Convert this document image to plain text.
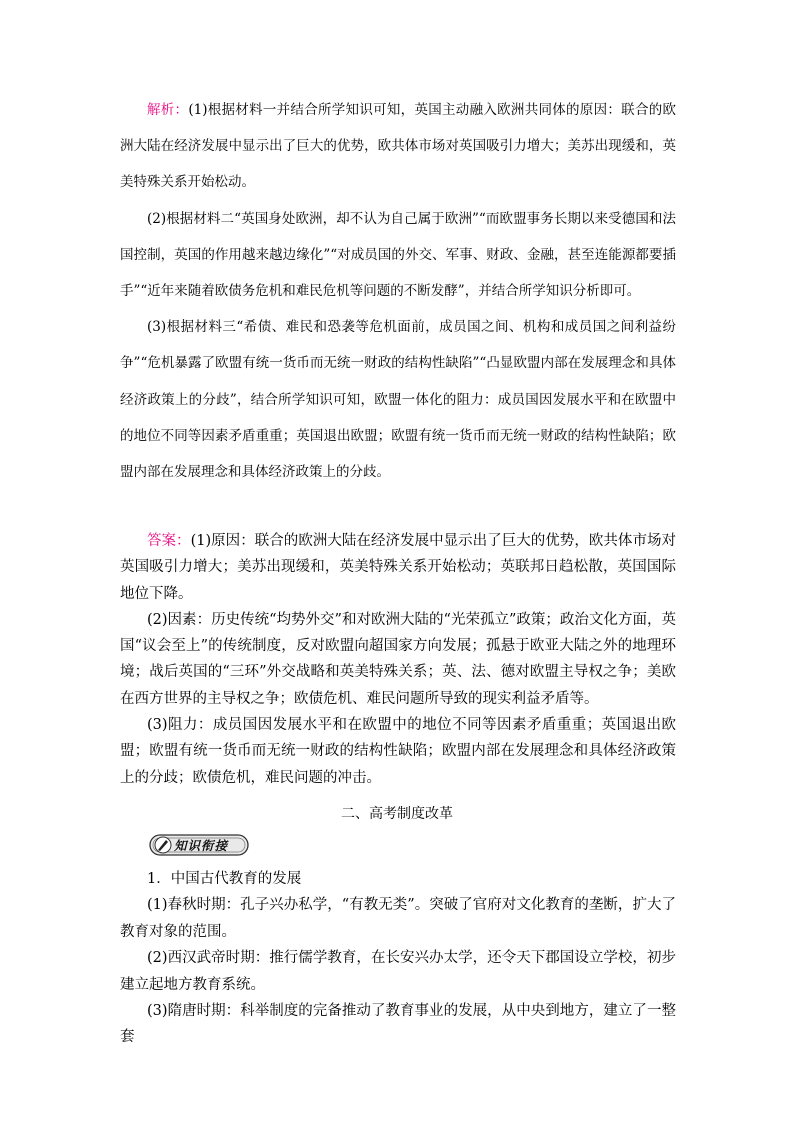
解析：(1)根据材料一并结合所学知识可知，英国主动融入欧洲共同体的原因：联合的欧洲大陆在经济发展中显示出了巨大的优势，欧共体市场对英国吸引力增大；美苏出现缓和，英美特殊关系开始松动。

(2)根据材料二“英国身处欧洲，却不认为自己属于欧洲”“而欧盟事务长期以来受德国和法国控制，英国的作用越来越边缘化”“对成员国的外交、军事、财政、金融，甚至连能源都要插手”“近年来随着欧债务危机和难民危机等问题的不断发酵”，并结合所学知识分析即可。

(3)根据材料三“希债、难民和恐袭等危机面前，成员国之间、机构和成员国之间利益纷争”“危机暴露了欧盟有统一货币而无统一财政的结构性缺陷”“凸显欧盟内部在发展理念和具体经济政策上的分歧”，结合所学知识可知，欧盟一体化的阻力：成员国因发展水平和在欧盟中的地位不同等因素矛盾重重；英国退出欧盟；欧盟有统一货币而无统一财政的结构性缺陷；欧盟内部在发展理念和具体经济政策上的分歧。

答案：(1)原因：联合的欧洲大陆在经济发展中显示出了巨大的优势，欧共体市场对英国吸引力增大；美苏出现缓和，英美特殊关系开始松动；英联邦日趋松散，英国国际地位下降。

(2)因素：历史传统“均势外交”和对欧洲大陆的“光荣孤立”政策；政治文化方面，英国“议会至上”的传统制度，反对欧盟向超国家方向发展；孤悬于欧亚大陆之外的地理环境；战后英国的“三环”外交战略和英美特殊关系；英、法、德对欧盟主导权之争；美欧在西方世界的主导权之争；欧债危机、难民问题所导致的现实利益矛盾等。

(3)阻力：成员国因发展水平和在欧盟中的地位不同等因素矛盾重重；英国退出欧盟；欧盟有统一货币而无统一财政的结构性缺陷；欧盟内部在发展理念和具体经济政策上的分歧；欧债危机，难民问题的冲击。

二、高考制度改革
知识衔接

1．中国古代教育的发展

(1)春秋时期：孔子兴办私学，“有教无类”。突破了官府对文化教育的垄断，扩大了教育对象的范围。

(2)西汉武帝时期：推行儒学教育，在长安兴办太学，还令天下郡国设立学校，初步建立起地方教育系统。

(3)隋唐时期：科举制度的完备推动了教育事业的发展，从中央到地方，建立了一整套
